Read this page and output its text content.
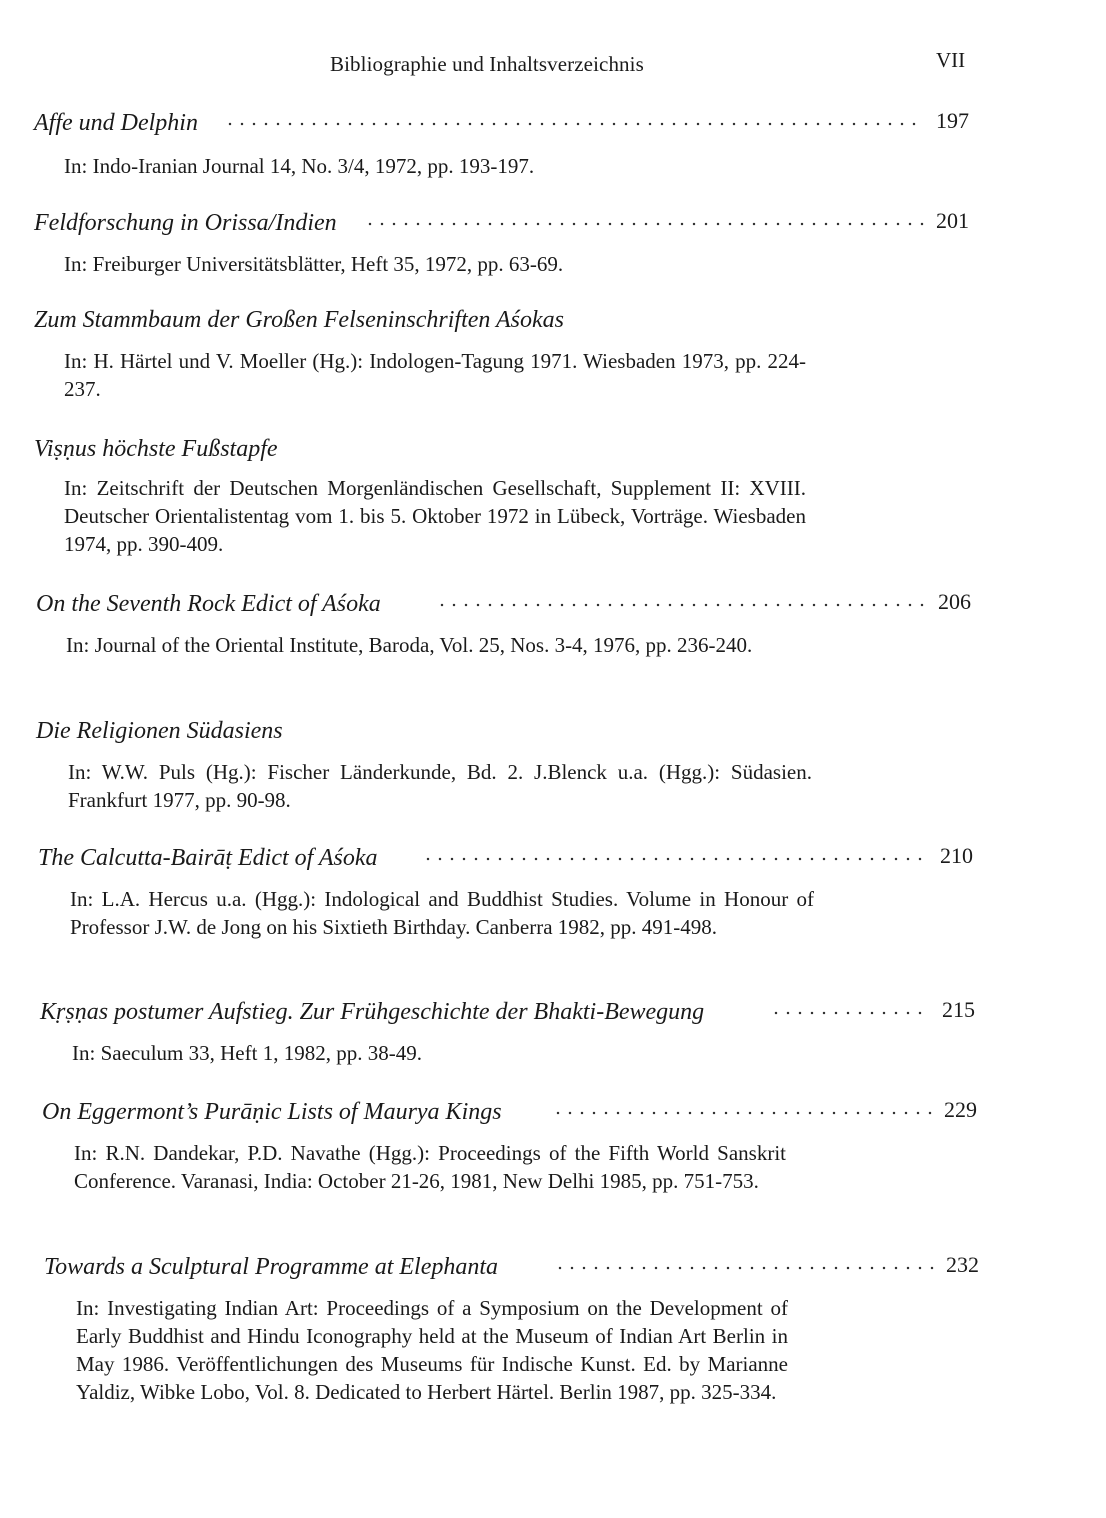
Bibliographie und Inhaltsverzeichnis	VII
Affe und Delphin	197
In: Indo-Iranian Journal 14, No. 3/4, 1972, pp. 193-197.
Feldforschung in Orissa/Indien	201
In: Freiburger Universitätsblätter, Heft 35, 1972, pp. 63-69.
Zum Stammbaum der Großen Felseninschriften Aśokas
In: H. Härtel und V. Moeller (Hg.): Indologen-Tagung 1971. Wiesbaden 1973, pp. 224-237.
Viṣṇus höchste Fußstapfe
In: Zeitschrift der Deutschen Morgenländischen Gesellschaft, Supplement II: XVIII. Deutscher Orientalistentag vom 1. bis 5. Oktober 1972 in Lübeck, Vorträge. Wiesbaden 1974, pp. 390-409.
On the Seventh Rock Edict of Aśoka	206
In: Journal of the Oriental Institute, Baroda, Vol. 25, Nos. 3-4, 1976, pp. 236-240.
Die Religionen Südasiens
In: W.W. Puls (Hg.): Fischer Länderkunde, Bd. 2. J.Blenck u.a. (Hgg.): Südasien. Frankfurt 1977, pp. 90-98.
The Calcutta-Bairāṭ Edict of Aśoka	210
In: L.A. Hercus u.a. (Hgg.): Indological and Buddhist Studies. Volume in Honour of Professor J.W. de Jong on his Sixtieth Birthday. Canberra 1982, pp. 491-498.
Kṛṣṇas postumer Aufstieg. Zur Frühgeschichte der Bhakti-Bewegung	215
In: Saeculum 33, Heft 1, 1982, pp. 38-49.
On Eggermont’s Purāṇic Lists of Maurya Kings	229
In: R.N. Dandekar, P.D. Navathe (Hgg.): Proceedings of the Fifth World Sanskrit Conference. Varanasi, India: October 21-26, 1981, New Delhi 1985, pp. 751-753.
Towards a Sculptural Programme at Elephanta	232
In: Investigating Indian Art: Proceedings of a Symposium on the Development of Early Buddhist and Hindu Iconography held at the Museum of Indian Art Berlin in May 1986. Veröffentlichungen des Museums für Indische Kunst. Ed. by Marianne Yaldiz, Wibke Lobo, Vol. 8. Dedicated to Herbert Härtel. Berlin 1987, pp. 325-334.
